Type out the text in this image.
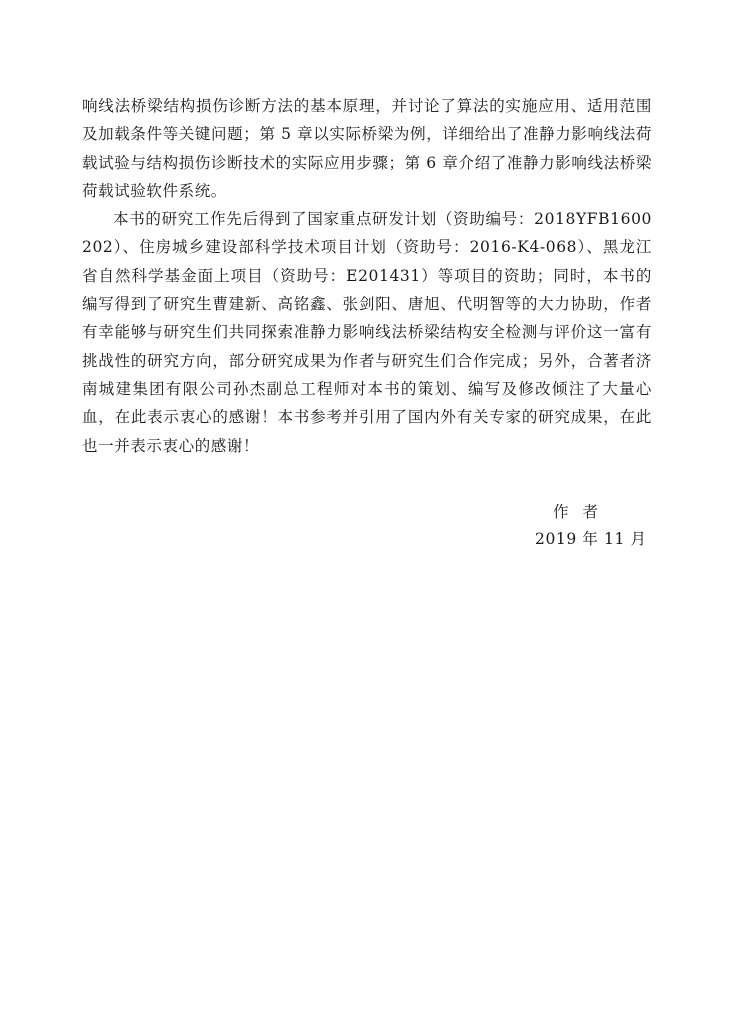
响线法桥梁结构损伤诊断方法的基本原理，并讨论了算法的实施应用、适用范围及加载条件等关键问题；第 5 章以实际桥梁为例，详细给出了准静力影响线法荷载试验与结构损伤诊断技术的实际应用步骤；第 6 章介绍了准静力影响线法桥梁荷载试验软件系统。

本书的研究工作先后得到了国家重点研发计划（资助编号：2018YFB1600202）、住房城乡建设部科学技术项目计划（资助号：2016-K4-068）、黑龙江省自然科学基金面上项目（资助号：E201431）等项目的资助；同时，本书的编写得到了研究生曹建新、高铭鑫、张剑阳、唐旭、代明智等的大力协助，作者有幸能够与研究生们共同探索准静力影响线法桥梁结构安全检测与评价这一富有挑战性的研究方向，部分研究成果为作者与研究生们合作完成；另外，合著者济南城建集团有限公司孙杰副总工程师对本书的策划、编写及修改倾注了大量心血，在此表示衷心的感谢！本书参考并引用了国内外有关专家的研究成果，在此也一并表示衷心的感谢！

作者
2019 年 11 月
